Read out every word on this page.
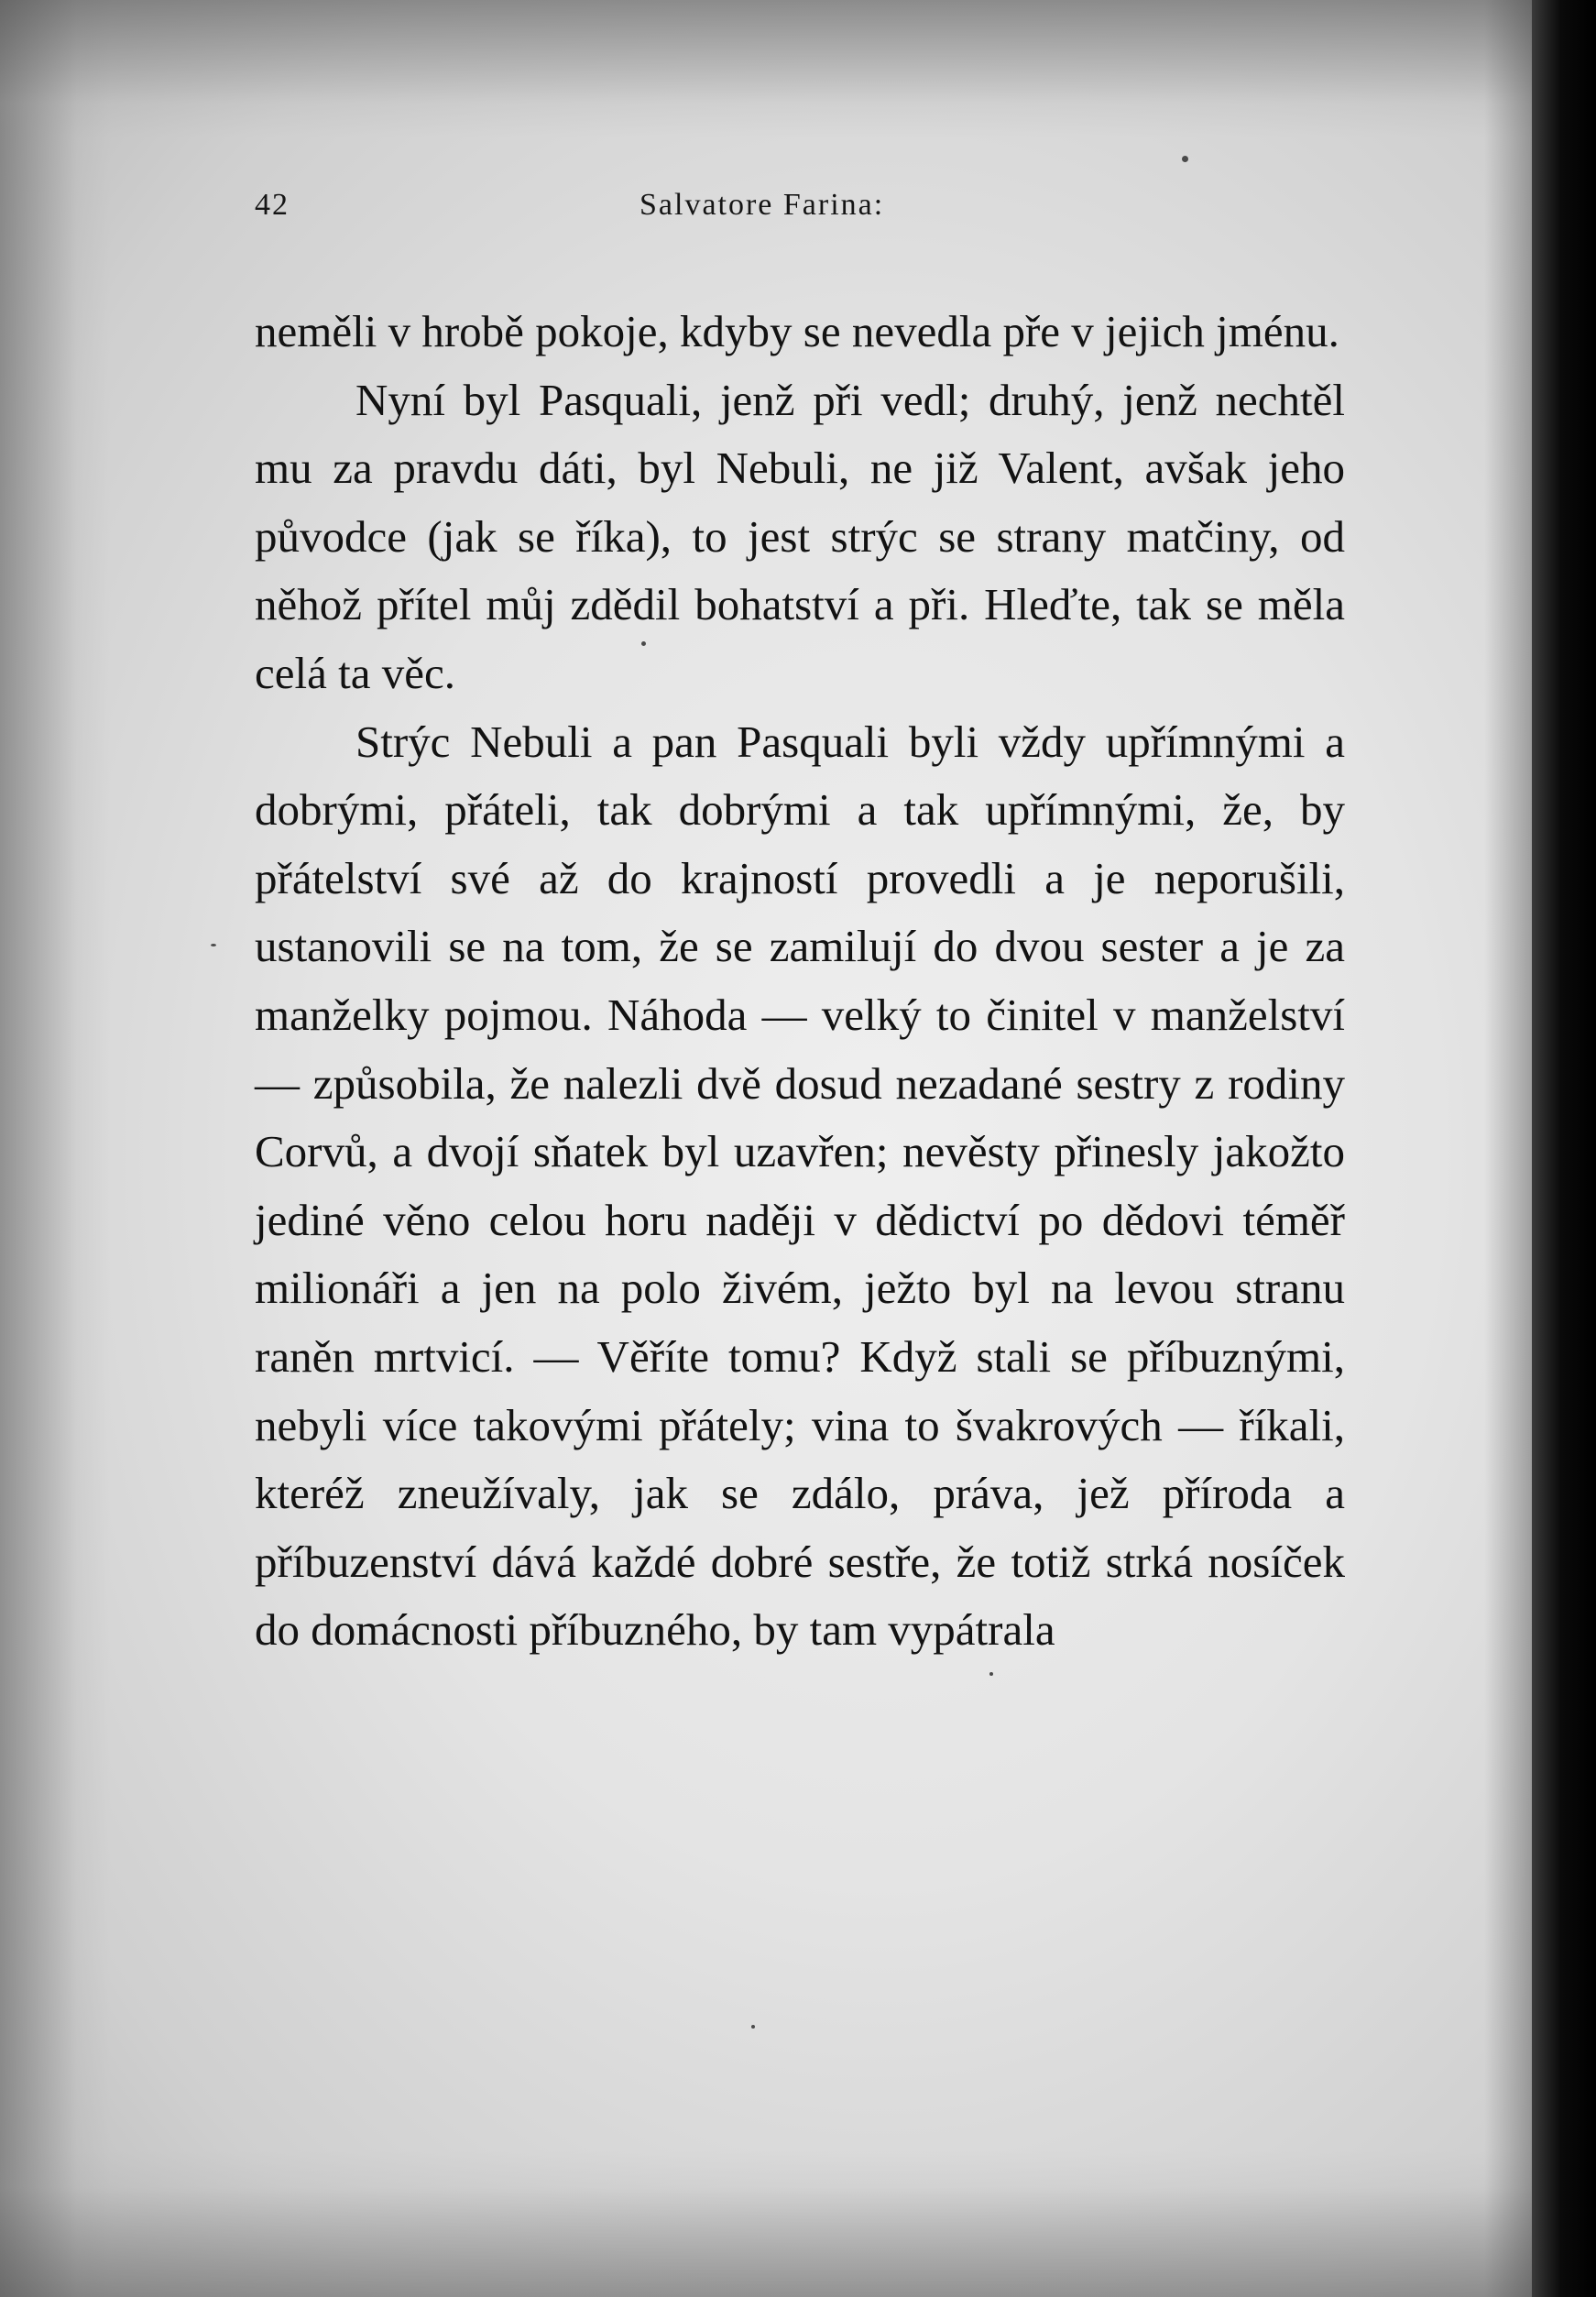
42	Salvatore Farina:

neměli v hrobě pokoje, kdyby se nevedla pře v jejich jménu.

Nyní byl Pasquali, jenž při vedl; druhý, jenž nechtěl mu za pravdu dáti, byl Nebuli, ne již Valent, avšak jeho původce (jak se říka), to jest strýc se strany matčiny, od něhož přítel můj zdědil bohatství a při. Hleďte, tak se měla celá ta věc.

Strýc Nebuli a pan Pasquali byli vždy upřímnými a dobrými, přáteli, tak dobrými a tak upřímnými, že, by přátelství své až do krajností provedli a je neporušili, ustanovili se na tom, že se zamilují do dvou sester a je za manželky pojmou. Náhoda — velký to činitel v manželství — způsobila, že nalezli dvě dosud nezadané sestry z rodiny Corvů, a dvojí sňatek byl uzavřen; nevěsty přinesly jakožto jediné věno celou horu naději v dědictví po dědovi téměř milionáři a jen na polo živém, ježto byl na levou stranu raněn mrtvicí. — Věříte tomu? Když stali se příbuznými, nebyli více takovými přátely; vina to švakrových — říkali, kteréž zneužívaly, jak se zdálo, práva, jež příroda a příbuzenství dává každé dobré sestře, že totiž strká nosíček do domácnosti příbuzného, by tam vypátrala
